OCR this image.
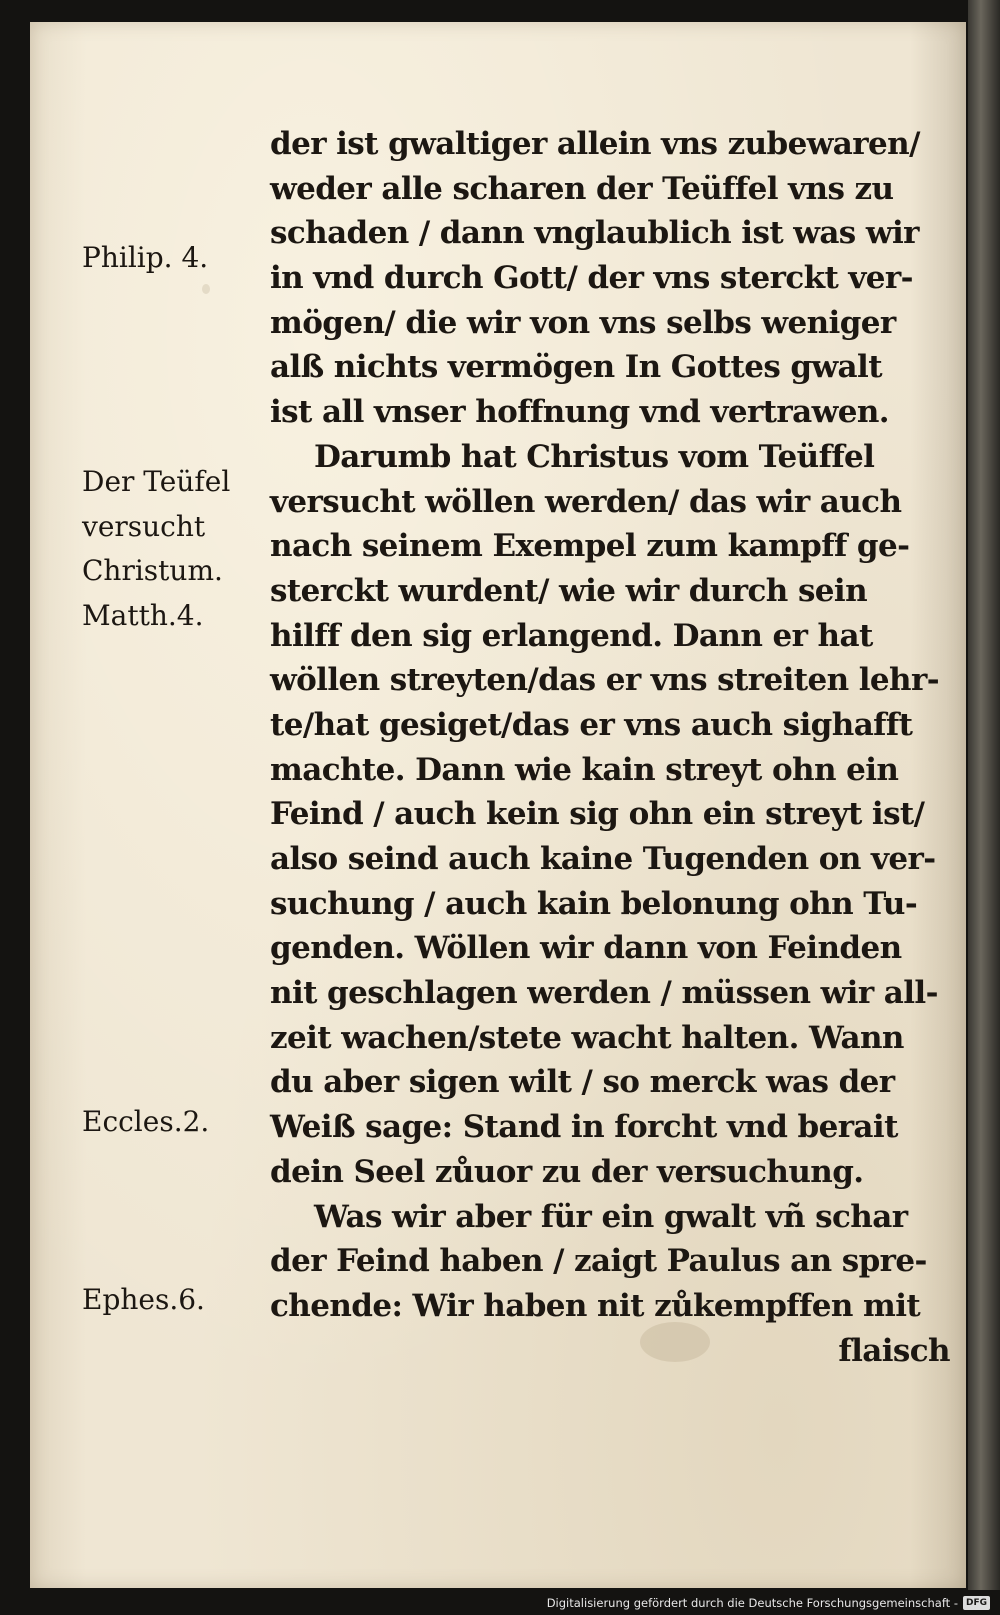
der ist gwaltiger allein vns zubewaren/
weder alle scharen der Teüffel vns zu
schaden / dann vnglaublich ist was wir
in vnd durch Gott/ der vns sterckt ver-
mögen/ die wir von vns selbs weniger
alß nichts vermögen In Gottes gwalt
ist all vnser hoffnung vnd vertrawen.
Darumb hat Christus vom Teüffel
versucht wöllen werden/ das wir auch
nach seinem Exempel zum kampff ge-
sterckt wurdent/ wie wir durch sein
hilff den sig erlangend. Dann er hat
wöllen streyten/das er vns streiten lehr-
te/hat gesiget/das er vns auch sighafft
machte. Dann wie kain streyt ohn ein
Feind / auch kein sig ohn ein streyt ist/
also seind auch kaine Tugenden on ver-
suchung / auch kain belonung ohn Tu-
genden. Wöllen wir dann von Feinden
nit geschlagen werden / müssen wir all-
zeit wachen/stete wacht halten. Wann
du aber sigen wilt / so merck was der
Weiß sage: Stand in forcht vnd berait
dein Seel zůuor zu der versuchung.
Was wir aber für ein gwalt vñ schar
der Feind haben / zaigt Paulus an spre-
chende: Wir haben nit zůkempffen mit
flaisch
Philip. 4.
Der Teüfel
versucht
Christum.
Matth.4.
Eccles.2.
Ephes.6.
Digitalisierung gefördert durch die Deutsche Forschungsgemeinschaft - DFG
